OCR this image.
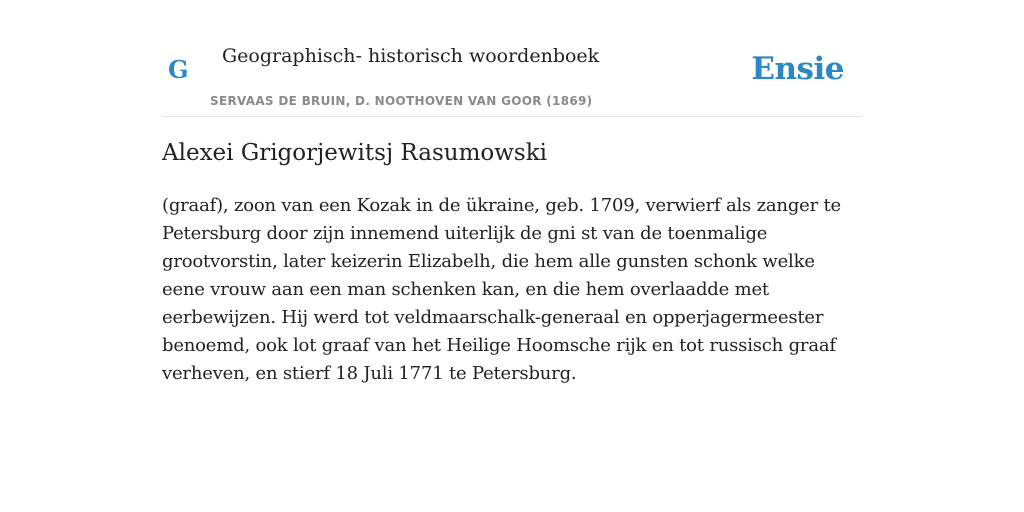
G	Geographisch- historisch woordenboek
SERVAAS DE BRUIN, D. NOOTHOVEN VAN GOOR (1869)
Ensie
Alexei Grigorjewitsj Rasumowski

(graaf), zoon van een Kozak in de ükraine, geb. 1709, verwierf als zanger te Petersburg door zijn innemend uiterlijk de gni st van de toenmalige grootvorstin, later keizerin Elizabelh, die hem alle gunsten schonk welke eene vrouw aan een man schenken kan, en die hem overlaadde met eerbewijzen. Hij werd tot veldmaarschalk-generaal en opperjagermeester benoemd, ook lot graaf van het Heilige Hoomsche rijk en tot russisch graaf verheven, en stierf 18 Juli 1771 te Petersburg.
